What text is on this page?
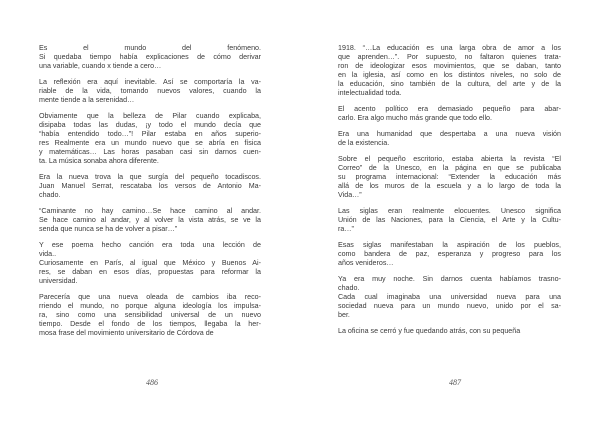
Es el mundo del fenómeno.
Si quedaba tiempo había explicaciones de cómo derivar
una variable, cuando x tiende a cero…

La reflexión era aquí inevitable. Así se comportaría la va-
riable de la vida, tomando nuevos valores, cuando la
mente tiende a la serenidad…

Obviamente que la belleza de Pilar cuando explicaba,
disipaba todas las dudas, ¡y todo el mundo decía que
“había entendido todo…”! Pilar estaba en años superio-
res Realmente era un mundo nuevo que se abría en física
y matemáticas… Las horas pasaban casi sin darnos cuen-
ta. La música sonaba ahora diferente.

Era la nueva trova la que surgía del pequeño tocadiscos.
Juan Manuel Serrat, rescataba los versos de Antonio Ma-
chado.

“Caminante no hay camino…Se hace camino al andar.
Se hace camino al andar, y al volver la vista atrás, se ve la
senda que nunca se ha de volver a pisar…”

Y ese poema hecho canción era toda una lección de
vida..

Curiosamente en París, al igual que México y Buenos Ai-
res, se daban en esos días, propuestas para reformar la
universidad.

Parecería que una nueva oleada de cambios iba reco-
rriendo el mundo, no porque alguna ideología los impulsa-
ra, sino como una sensibilidad universal de un nuevo
tiempo. Desde el fondo de los tiempos, llegaba la her-
mosa frase del movimiento universitario de Córdova de

486

1918. “…La educación es una larga obra de amor a los
que aprenden…”. Por supuesto, no faltaron quienes trata-
ron de ideologizar esos movimientos, que se daban, tanto
en la iglesia, así como en los distintos niveles, no solo de
la educación, sino también de la cultura, del arte y de la
intelectualidad toda.

El acento político era demasiado pequeño para abar-
carlo. Era algo mucho más grande que todo ello.

Era una humanidad que despertaba a una nueva visión
de la existencia.

Sobre el pequeño escritorio, estaba abierta la revista “El
Correo” de la Unesco, en la página en que se publicaba
su programa internacional: “Extender la educación más
allá de los muros de la escuela y a lo largo de toda la
Vida…”

Las siglas eran realmente elocuentes. Unesco significa
Unión de las Naciones, para la Ciencia, el Arte y la Cultu-
ra…”

Esas siglas manifestaban la aspiración de los pueblos,
como bandera de paz, esperanza y progreso para los
años venideros…

Ya era muy noche. Sin darnos cuenta habíamos trasno-
chado.

Cada cual imaginaba una universidad nueva para una
sociedad nueva para un mundo nuevo, unido por el sa-
ber.

La oficina se cerró y fue quedando atrás, con su pequeña

487
